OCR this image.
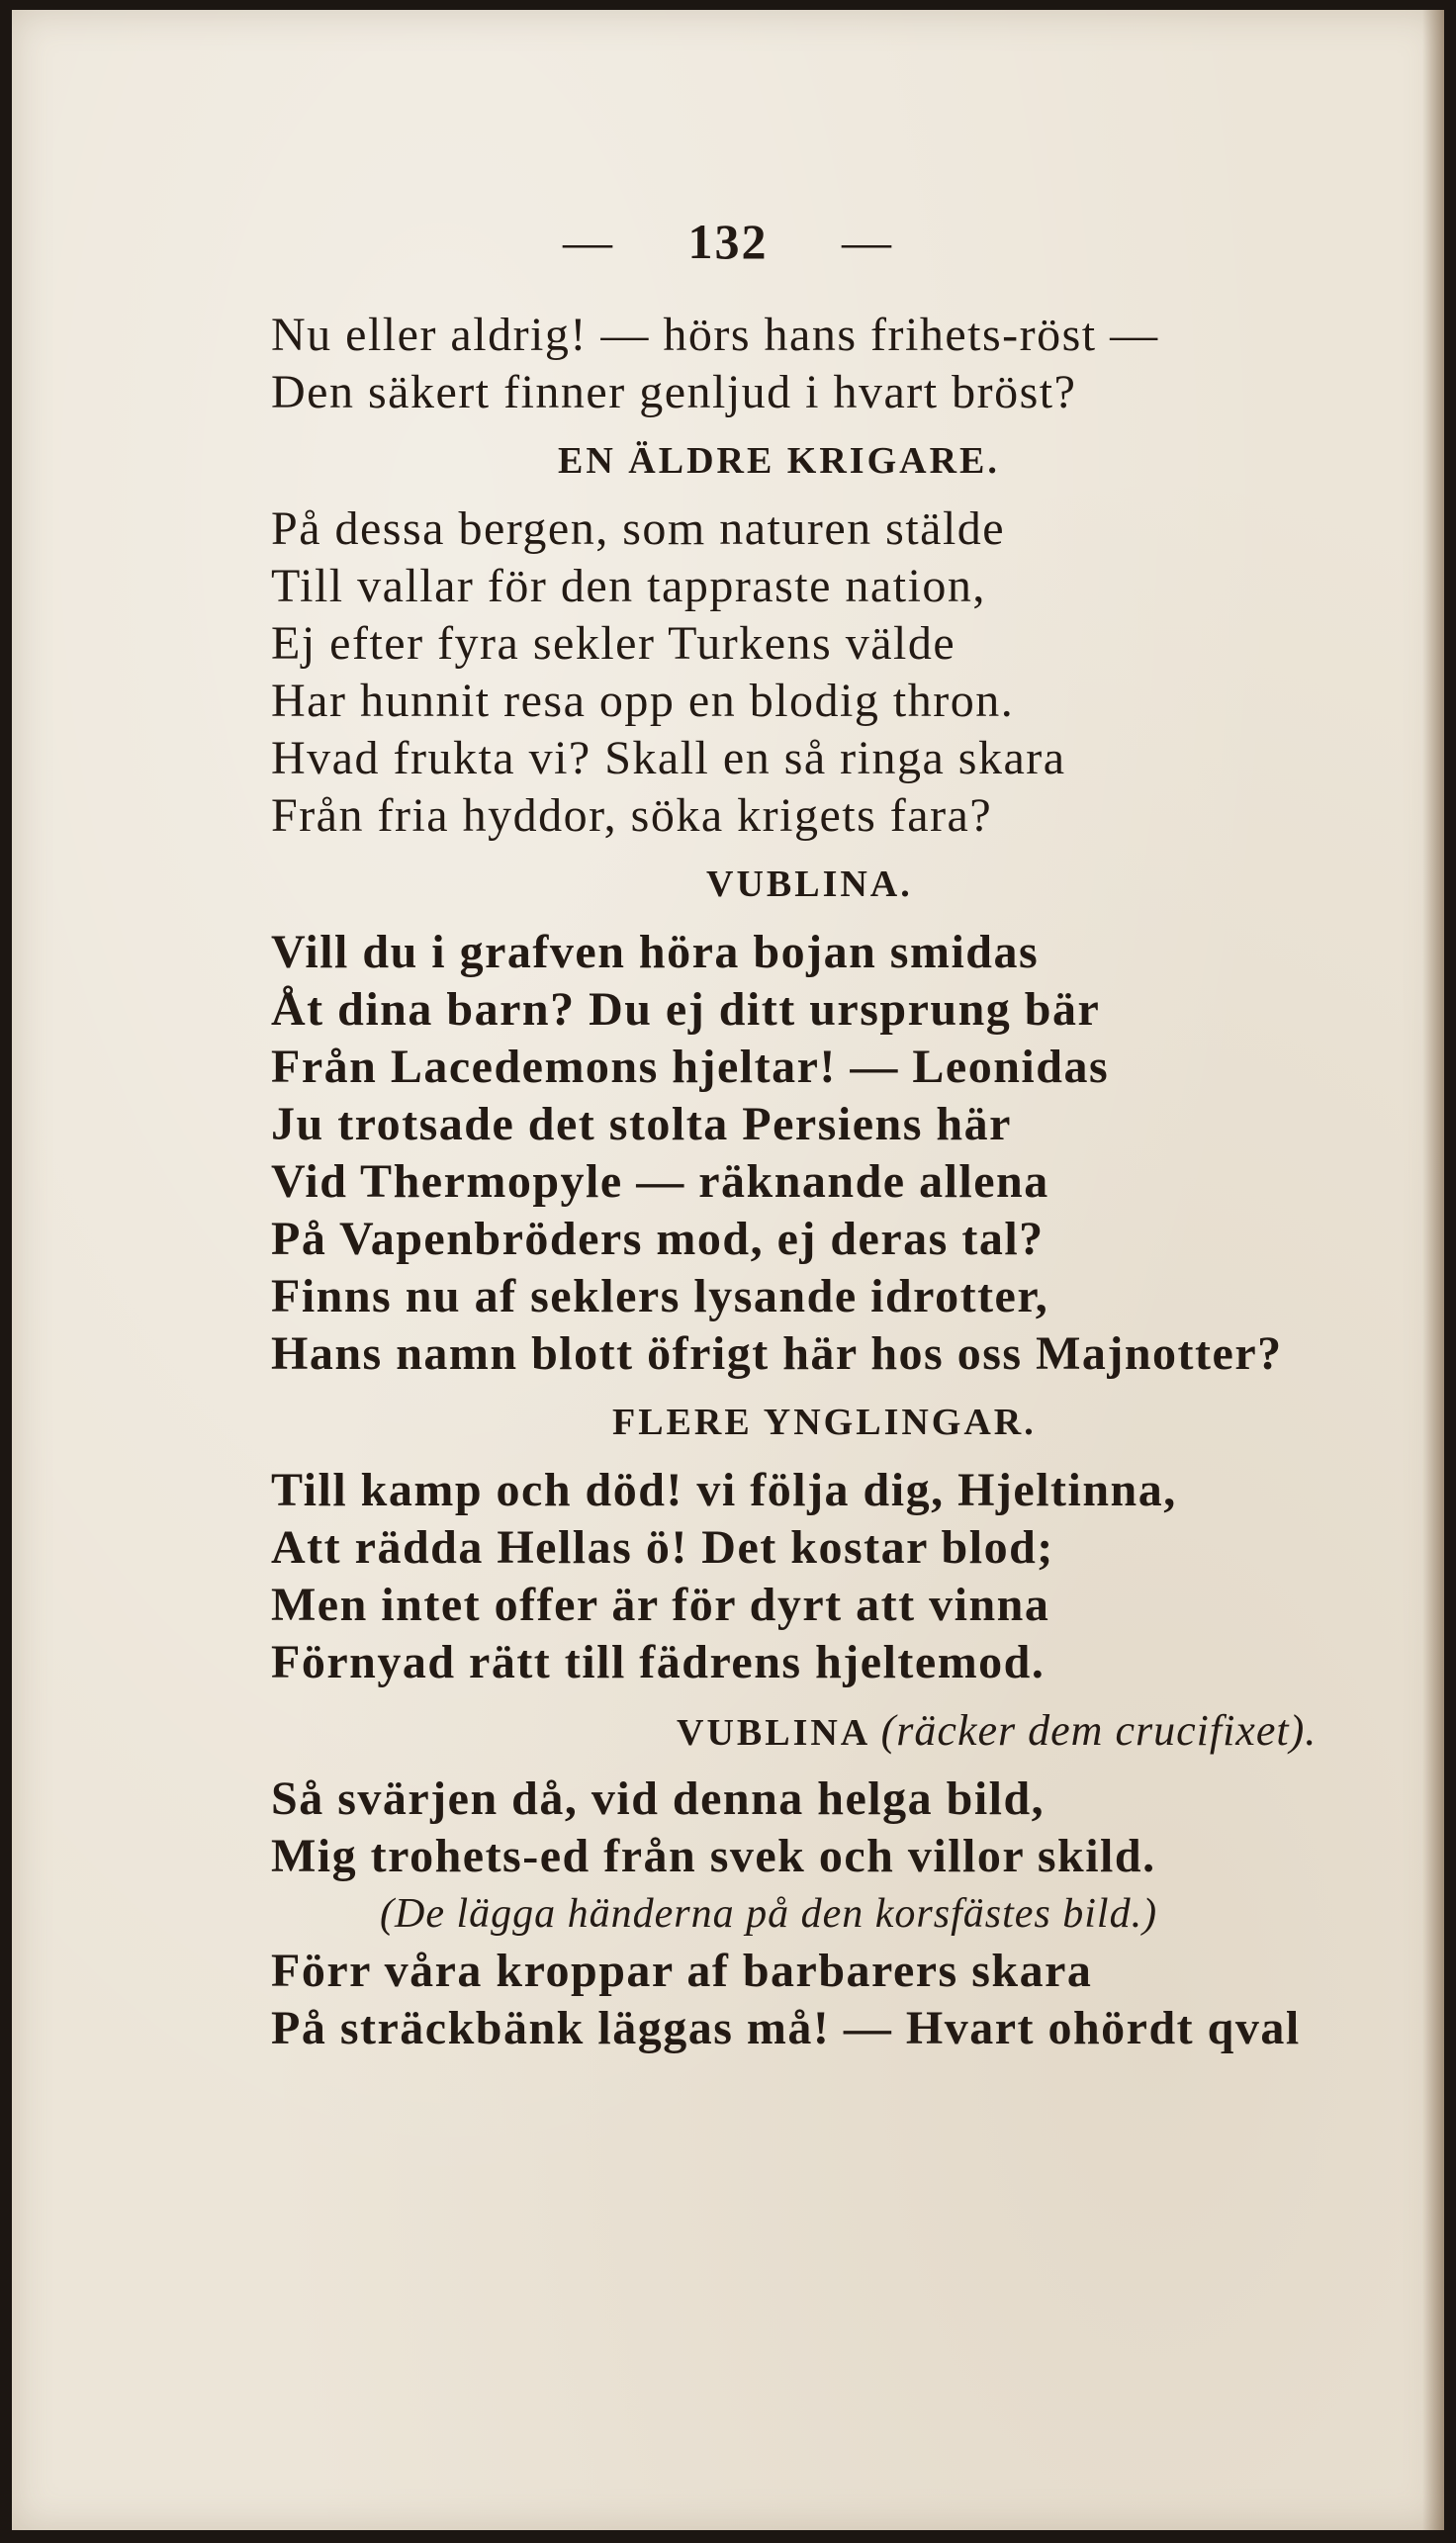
— 132 —
Nu eller aldrig! — hörs hans frihets-röst —
Den säkert finner genljud i hvart bröst?
EN ÄLDRE KRIGARE.
På dessa bergen, som naturen stälde
Till vallar för den tappraste nation,
Ej efter fyra sekler Turkens välde
Har hunnit resa opp en blodig thron.
Hvad frukta vi? Skall en så ringa skara
Från fria hyddor, söka krigets fara?
VUBLINA.
Vill du i grafven höra bojan smidas
Åt dina barn? Du ej ditt ursprung bär
Från Lacedemons hjeltar! — Leonidas
Ju trotsade det stolta Persiens här
Vid Thermopyle — räknande allena
På Vapenbröders mod, ej deras tal?
Finns nu af seklers lysande idrotter,
Hans namn blott öfrigt här hos oss Majnotter?
FLERE YNGLINGAR.
Till kamp och död! vi följa dig, Hjeltinna,
Att rädda Hellas ö! Det kostar blod;
Men intet offer är för dyrt att vinna
Förnyad rätt till fädrens hjeltemod.
VUBLINA (räcker dem crucifixet).
Så svärjen då, vid denna helga bild,
Mig trohets-ed från svek och villor skild.
(De lägga händerna på den korsfästes bild.)
Förr våra kroppar af barbarers skara
På sträckbänk läggas må! — Hvart ohördt qval
